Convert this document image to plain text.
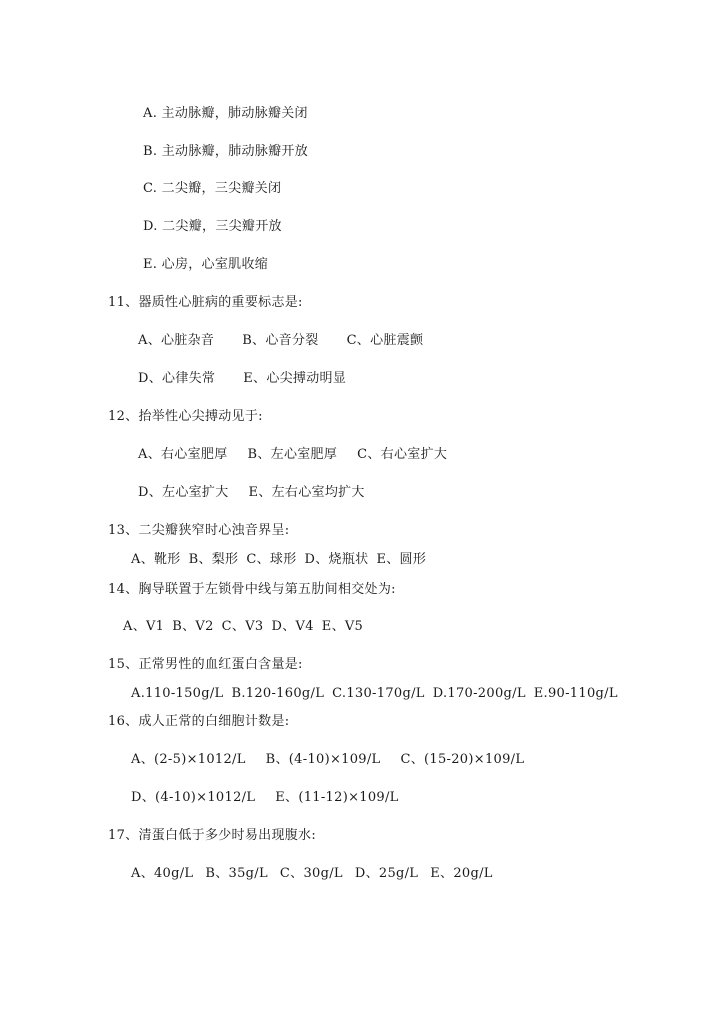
A. 主动脉瓣，肺动脉瓣关闭
B. 主动脉瓣，肺动脉瓣开放
C. 二尖瓣，三尖瓣关闭
D. 二尖瓣，三尖瓣开放
E. 心房，心室肌收缩
11、器质性心脏病的重要标志是:
A、心脏杂音 B、心音分裂 C、心脏震颤
D、心律失常 E、心尖搏动明显
12、抬举性心尖搏动见于:
A、右心室肥厚 B、左心室肥厚 C、右心室扩大
D、左心室扩大 E、左右心室均扩大
13、二尖瓣狭窄时心浊音界呈:
A、靴形 B、梨形 C、球形 D、烧瓶状 E、圆形
14、胸导联置于左锁骨中线与第五肋间相交处为:
A、V1 B、V2 C、V3 D、V4 E、V5
15、正常男性的血红蛋白含量是:
A.110-150g/L B.120-160g/L C.130-170g/L D.170-200g/L E.90-110g/L
16、成人正常的白细胞计数是:
A、(2-5)×1012/L B、(4-10)×109/L C、(15-20)×109/L
D、(4-10)×1012/L E、(11-12)×109/L
17、清蛋白低于多少时易出现腹水:
A、40g/L B、35g/L C、30g/L D、25g/L E、20g/L
